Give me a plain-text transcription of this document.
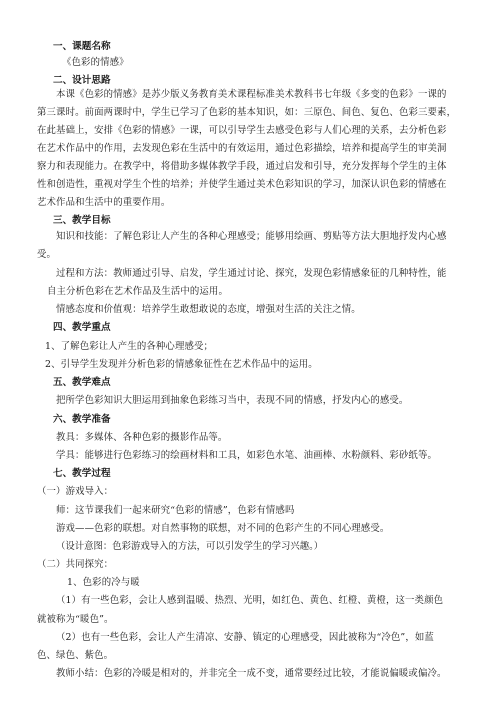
一、课题名称
《色彩的情感》
二、设计思路
本课《色彩的情感》是苏少版义务教育美术课程标准美术教科书七年级《多变的色彩》一课的
第三课时。前面两课时中，学生已学习了色彩的基本知识，如：三原色、间色、复色、色彩三要素，
在此基础上，安排《色彩的情感》一课，可以引导学生去感受色彩与人们心理的关系，去分析色彩
在艺术作品中的作用，去发现色彩在生活中的有效运用，通过色彩描绘，培养和提高学生的审美洞
察力和表现能力。在教学中，将借助多媒体教学手段，通过启发和引导，充分发挥每个学生的主体
性和创造性，重视对学生个性的培养；并使学生通过美术色彩知识的学习，加深认识色彩的情感在
艺术作品和生活中的重要作用。
三、教学目标
知识和技能：了解色彩让人产生的各种心理感受；能够用绘画、剪贴等方法大胆地抒发内心感
受。
过程和方法：教师通过引导、启发，学生通过讨论、探究，发现色彩情感象征的几种特性，能
自主分析色彩在艺术作品及生活中的运用。
情感态度和价值观：培养学生敢想敢说的态度，增强对生活的关注之情。
四、教学重点
1、了解色彩让人产生的各种心理感受；
2、引导学生发现并分析色彩的情感象征性在艺术作品中的运用。
五、教学难点
把所学色彩知识大胆运用到抽象色彩练习当中，表现不同的情感，抒发内心的感受。
六、教学准备
教具：多媒体、各种色彩的摄影作品等。
学具：能够进行色彩练习的绘画材料和工具，如彩色水笔、油画棒、水粉颜料、彩砂纸等。
七、教学过程
（一）游戏导入：
师：这节课我们一起来研究“色彩的情感”，色彩有情感吗
游戏——色彩的联想。对自然事物的联想，对不同的色彩产生的不同心理感受。
（设计意图：色彩游戏导入的方法，可以引发学生的学习兴趣。）
（二）共同探究：
1、色彩的冷与暖
（1）有一些色彩，会让人感到温暖、热烈、光明，如红色、黄色、红橙、黄橙，这一类颜色
就被称为“暖色”。
（2）也有一些色彩，会让人产生清凉、安静、镇定的心理感受，因此被称为“冷色”，如蓝
色、绿色、紫色。
教师小结：色彩的冷暖是相对的，并非完全一成不变，通常要经过比较，才能说偏暖或偏冷。
